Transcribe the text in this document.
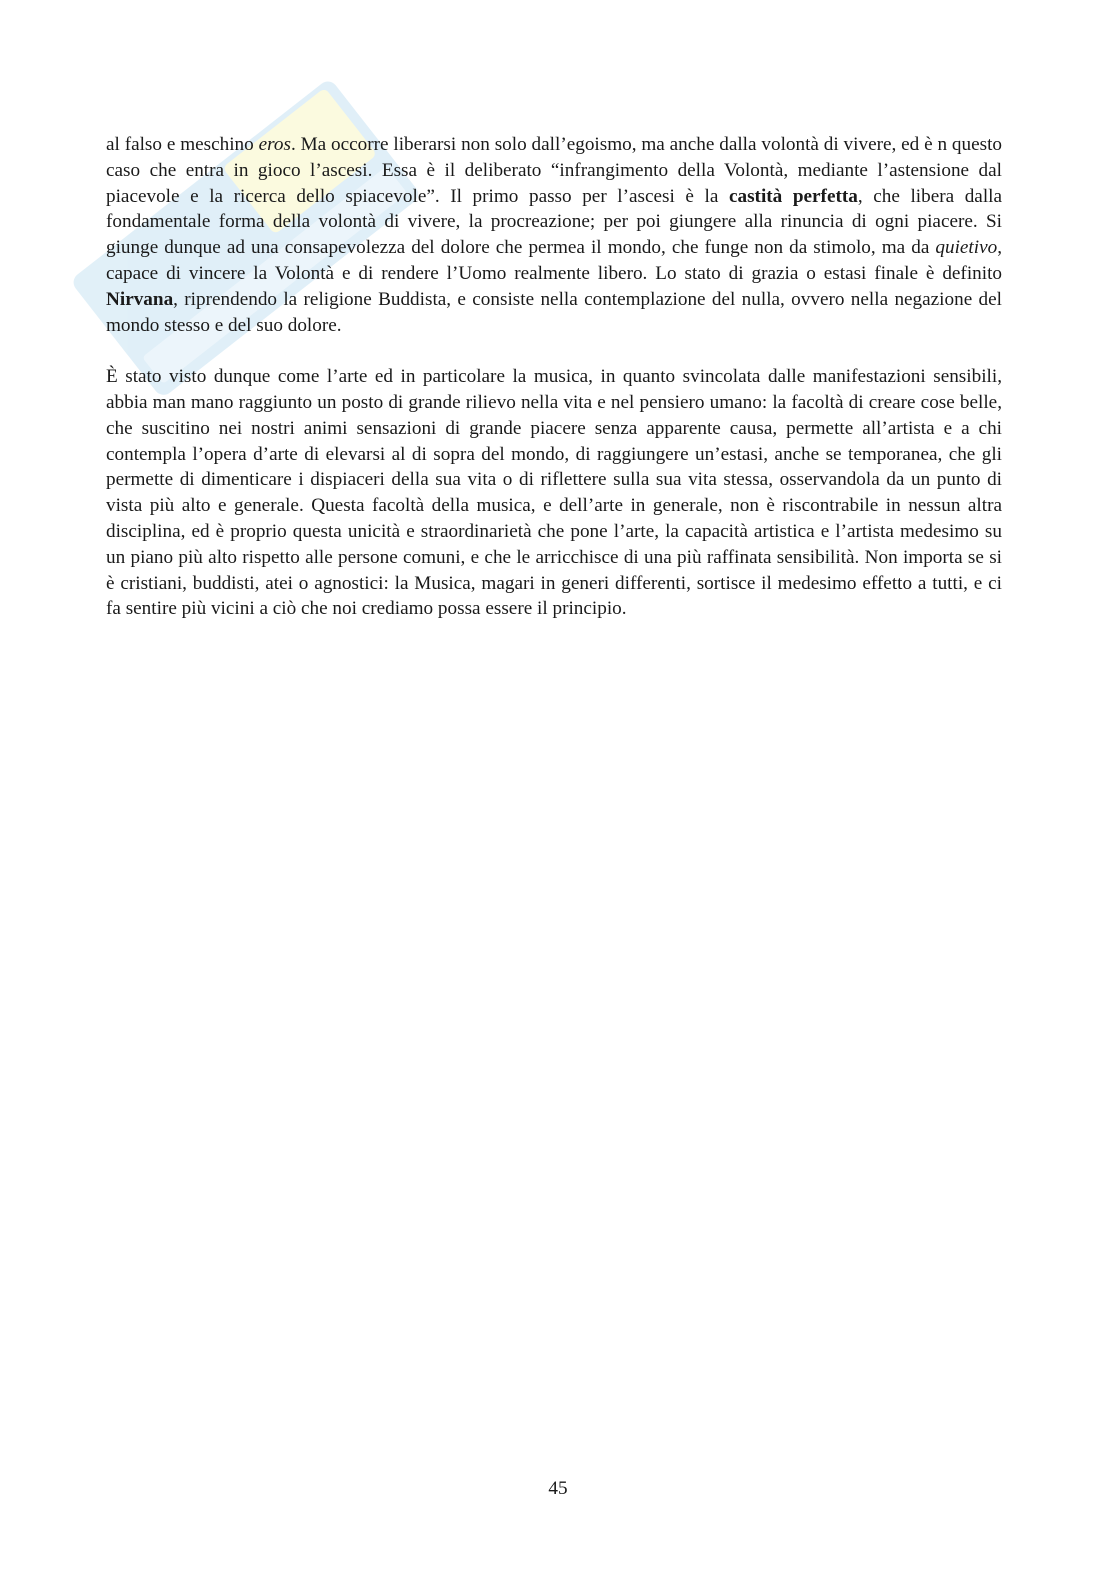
al falso e meschino eros. Ma occorre liberarsi non solo dall’egoismo, ma anche dalla volontà di vivere, ed è n questo caso che entra in gioco l’ascesi. Essa è il deliberato “infrangimento della Volontà, mediante l’astensione dal piacevole e la ricerca dello spiacevole”. Il primo passo per l’ascesi è la castità perfetta, che libera dalla fondamentale forma della volontà di vivere, la procreazione; per poi giungere alla rinuncia di ogni piacere. Si giunge dunque ad una consapevolezza del dolore che permea il mondo, che funge non da stimolo, ma da quietivo, capace di vincere la Volontà e di rendere l’Uomo realmente libero. Lo stato di grazia o estasi finale è definito Nirvana, riprendendo la religione Buddista, e consiste nella contemplazione del nulla, ovvero nella negazione del mondo stesso e del suo dolore.

È stato visto dunque come l’arte ed in particolare la musica, in quanto svincolata dalle manifestazioni sensibili, abbia man mano raggiunto un posto di grande rilievo nella vita e nel pensiero umano: la facoltà di creare cose belle, che suscitino nei nostri animi sensazioni di grande piacere senza apparente causa, permette all’artista e a chi contempla l’opera d’arte di elevarsi al di sopra del mondo, di raggiungere un’estasi, anche se temporanea, che gli permette di dimenticare i dispiaceri della sua vita o di riflettere sulla sua vita stessa, osservandola da un punto di vista più alto e generale. Questa facoltà della musica, e dell’arte in generale, non è riscontrabile in nessun altra disciplina, ed è proprio questa unicità e straordinarietà che pone l’arte, la capacità artistica e l’artista medesimo su un piano più alto rispetto alle persone comuni, e che le arricchisce di una più raffinata sensibilità. Non importa se si è cristiani, buddisti, atei o agnostici: la Musica, magari in generi differenti, sortisce il medesimo effetto a tutti, e ci fa sentire più vicini a ciò che noi crediamo possa essere il principio.

45
